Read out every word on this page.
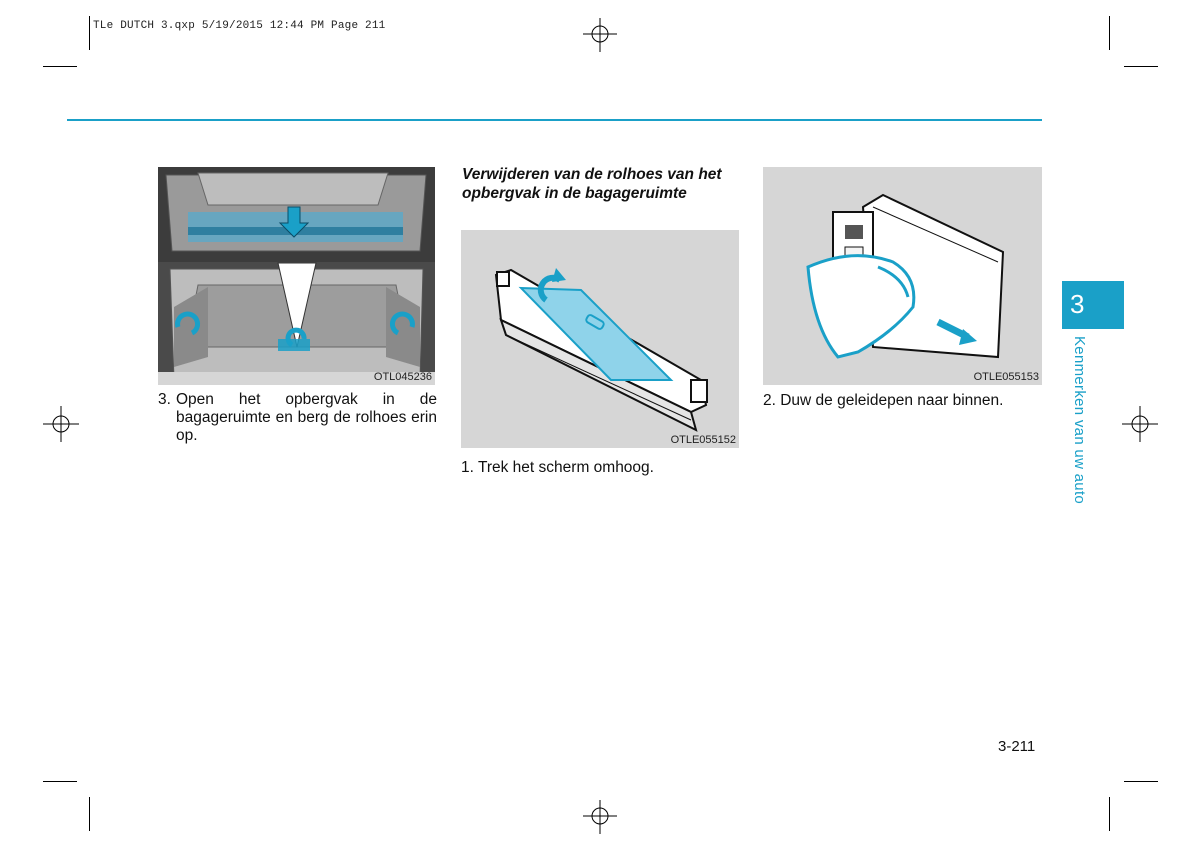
TLe DUTCH 3.qxp 5/19/2015 12:44 PM Page 211
OTL045236
3. Open het opbergvak in de bagageruimte en berg de rolhoes erin op.
Verwijderen van de rolhoes van het opbergvak in de bagageruimte
OTLE055152
1. Trek het scherm omhoog.
OTLE055153
2. Duw de geleidepen naar binnen.
3
Kenmerken van uw auto
3-211
